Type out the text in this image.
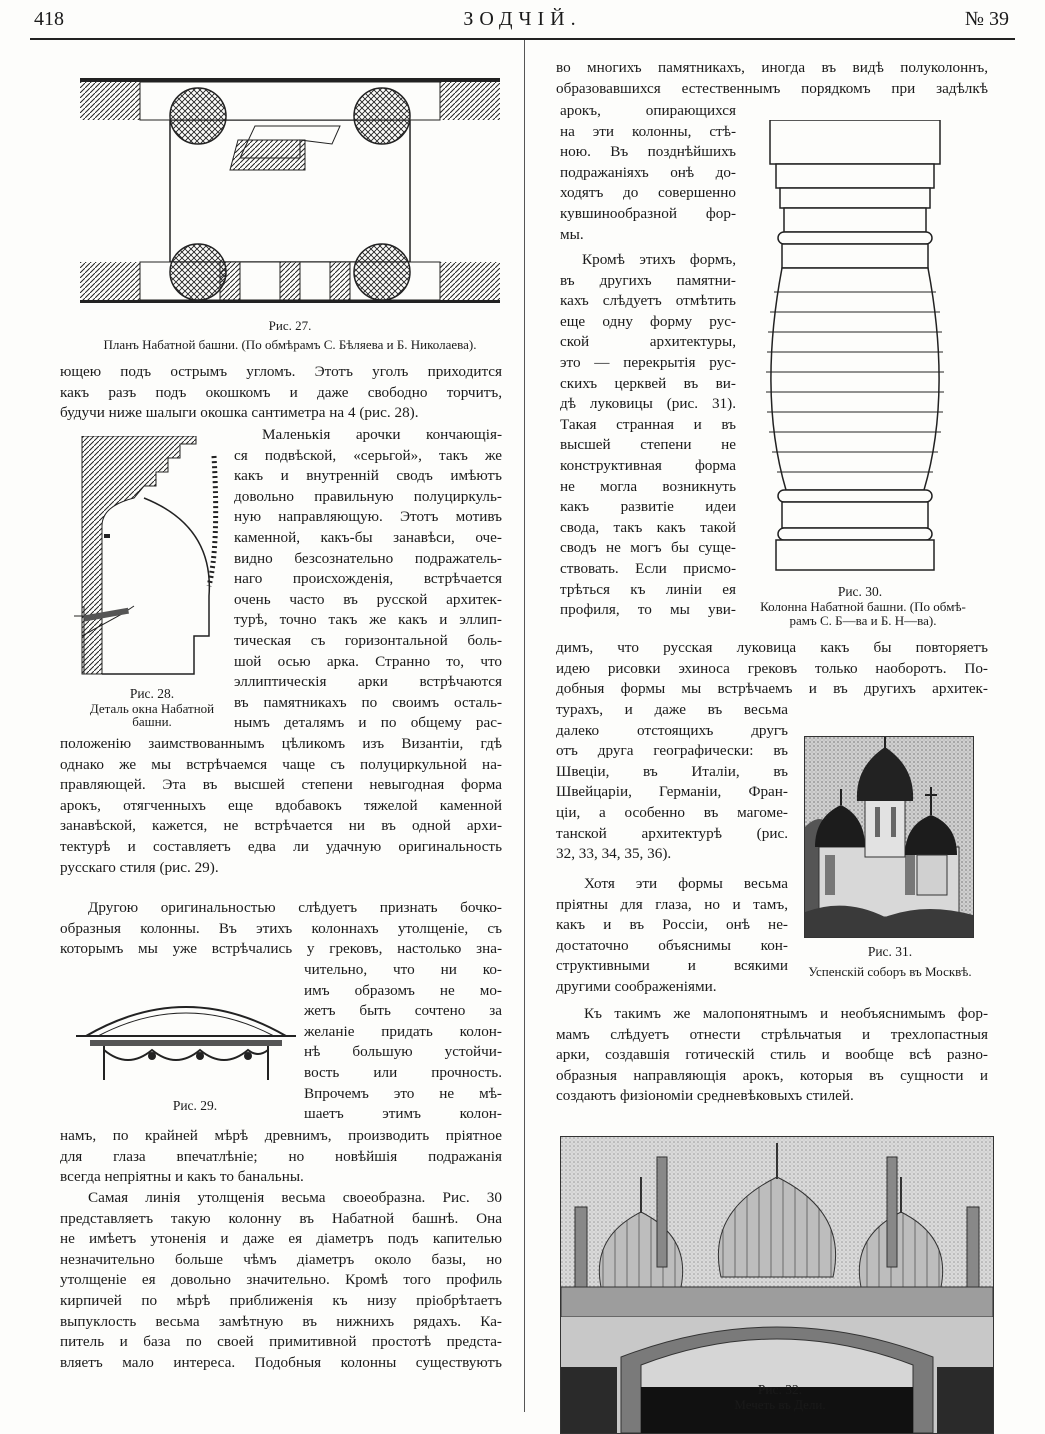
418	ЗОДЧІЙ.	№ 39

Рис. 27.

Планъ Набатной башни. (По обмѣрамъ С. Бѣляева и Б. Николаева).

ющею подъ острымъ угломъ. Этотъ уголъ приходится
какъ разъ подъ окошкомъ и даже свободно торчитъ,
будучи ниже шалыги окошка сантиметра на 4 (рис. 28).

Рис. 28.

Деталь окна Набатной

башни.

Маленькія арочки кончающія-
ся подвѣской, «серьгой», такъ же
какъ и внутренній сводъ имѣютъ
довольно правильную полуциркуль-
ную направляющую. Этотъ мотивъ
каменной, какъ-бы занавѣси, оче-
видно безсознательно подражатель-
наго происхожденія, встрѣчается
очень часто въ русской архитек-
турѣ, точно такъ же какъ и эллип-
тическая съ горизонтальной боль-
шой осью арка. Странно то, что
эллиптическія арки встрѣчаются
въ памятникахъ по своимъ осталь-
нымъ деталямъ и по общему рас-
положенію заимствованнымъ цѣликомъ изъ Византіи, гдѣ
однако же мы встрѣчаемся чаще съ полуциркульной на-
правляющей. Эта въ высшей степени невыгодная форма
арокъ, отягченныхъ еще вдобавокъ тяжелой каменной
занавѣской, кажется, не встрѣчается ни въ одной архи-
тектурѣ и составляетъ едва ли удачную оригинальность
русскаго стиля (рис. 29).
Другою оригинальностью слѣдуетъ признать бочко-
образныя колонны. Въ этихъ колоннахъ утолщеніе, съ
которымъ мы уже встрѣчались у грековъ, настолько зна-

Рис. 29.

чительно, что ни ко-
имъ образомъ не мо-
жетъ быть сочтено за
желаніе придать колон-
нѣ большую устойчи-
вость или прочность.
Впрочемъ это не мѣ-
шаетъ этимъ колон-
намъ, по крайней мѣрѣ древнимъ, производить пріятное
для глаза впечатлѣніе; но новѣйшія подражанія
всегда непріятны и какъ то банальны.
Самая линія утолщенія весьма своеобразна. Рис. 30
представляетъ такую колонну въ Набатной башнѣ. Она
не имѣетъ утоненія и даже ея діаметръ подъ капителью
незначительно больше чѣмъ діаметръ около базы, но
утолщеніе ея довольно значительно. Кромѣ того профиль
кирпичей по мѣрѣ приближенія къ низу пріобрѣтаетъ
выпуклость весьма замѣтную въ нижнихъ рядахъ. Ка-
питель и база по своей примитивной простотѣ предста-
вляетъ мало интереса. Подобныя колонны существуютъ
во многихъ памятникахъ, иногда въ видѣ полуколоннъ,
образовавшихся естественнымъ порядкомъ при задѣлкѣ

Рис. 30.

Колонна Набатной башни. (По обмѣ-

рамъ С. Б—ва и Б. Н—ва).

арокъ, опирающихся
на эти колонны, стѣ-
ною. Въ позднѣйшихъ
подражаніяхъ онѣ до-
ходятъ до совершенно
кувшинообразной фор-
мы.
Кромѣ этихъ формъ,
въ другихъ памятни-
кахъ слѣдуетъ отмѣтить
еще одну форму рус-
ской архитектуры,
это — перекрытія рус-
скихъ церквей въ ви-
дѣ луковицы (рис. 31).
Такая странная и въ
высшей степени не
конструктивная форма
не могла возникнуть
какъ развитіе идеи
свода, такъ какъ такой
сводъ не могъ бы суще-
ствовать. Если присмо-
трѣться къ линіи ея
профиля, то мы уви-
димъ, что русская луковица какъ бы повторяетъ
идею рисовки эхиноса грековъ только наоборотъ. По-
добныя формы мы встрѣчаемъ и въ другихъ архитек-

Рис. 31.

Успенскій соборъ въ Москвѣ.

турахъ, и даже въ весьма
далеко отстоящихъ другъ
отъ друга географически: въ
Швеціи, въ Италіи, въ
Швейцаріи, Германіи, Фран-
ціи, а особенно въ магоме-
танской архитектурѣ (рис.
32, 33, 34, 35, 36).
Хотя эти формы весьма
пріятны для глаза, но и тамъ,
какъ и въ Россіи, онѣ не-
достаточно объяснимы кон-
структивными и всякими
другими соображеніями.
Къ такимъ же малопонятнымъ и необъяснимымъ фор-
мамъ слѣдуетъ отнести стрѣльчатыя и трехлопастныя
арки, создавшія готическій стиль и вообще всѣ разно-
образныя направляющія арокъ, которыя въ сущности и
создаютъ физіономіи средневѣковыхъ стилей.

Рис. 32.

Мечеть въ Дели.
